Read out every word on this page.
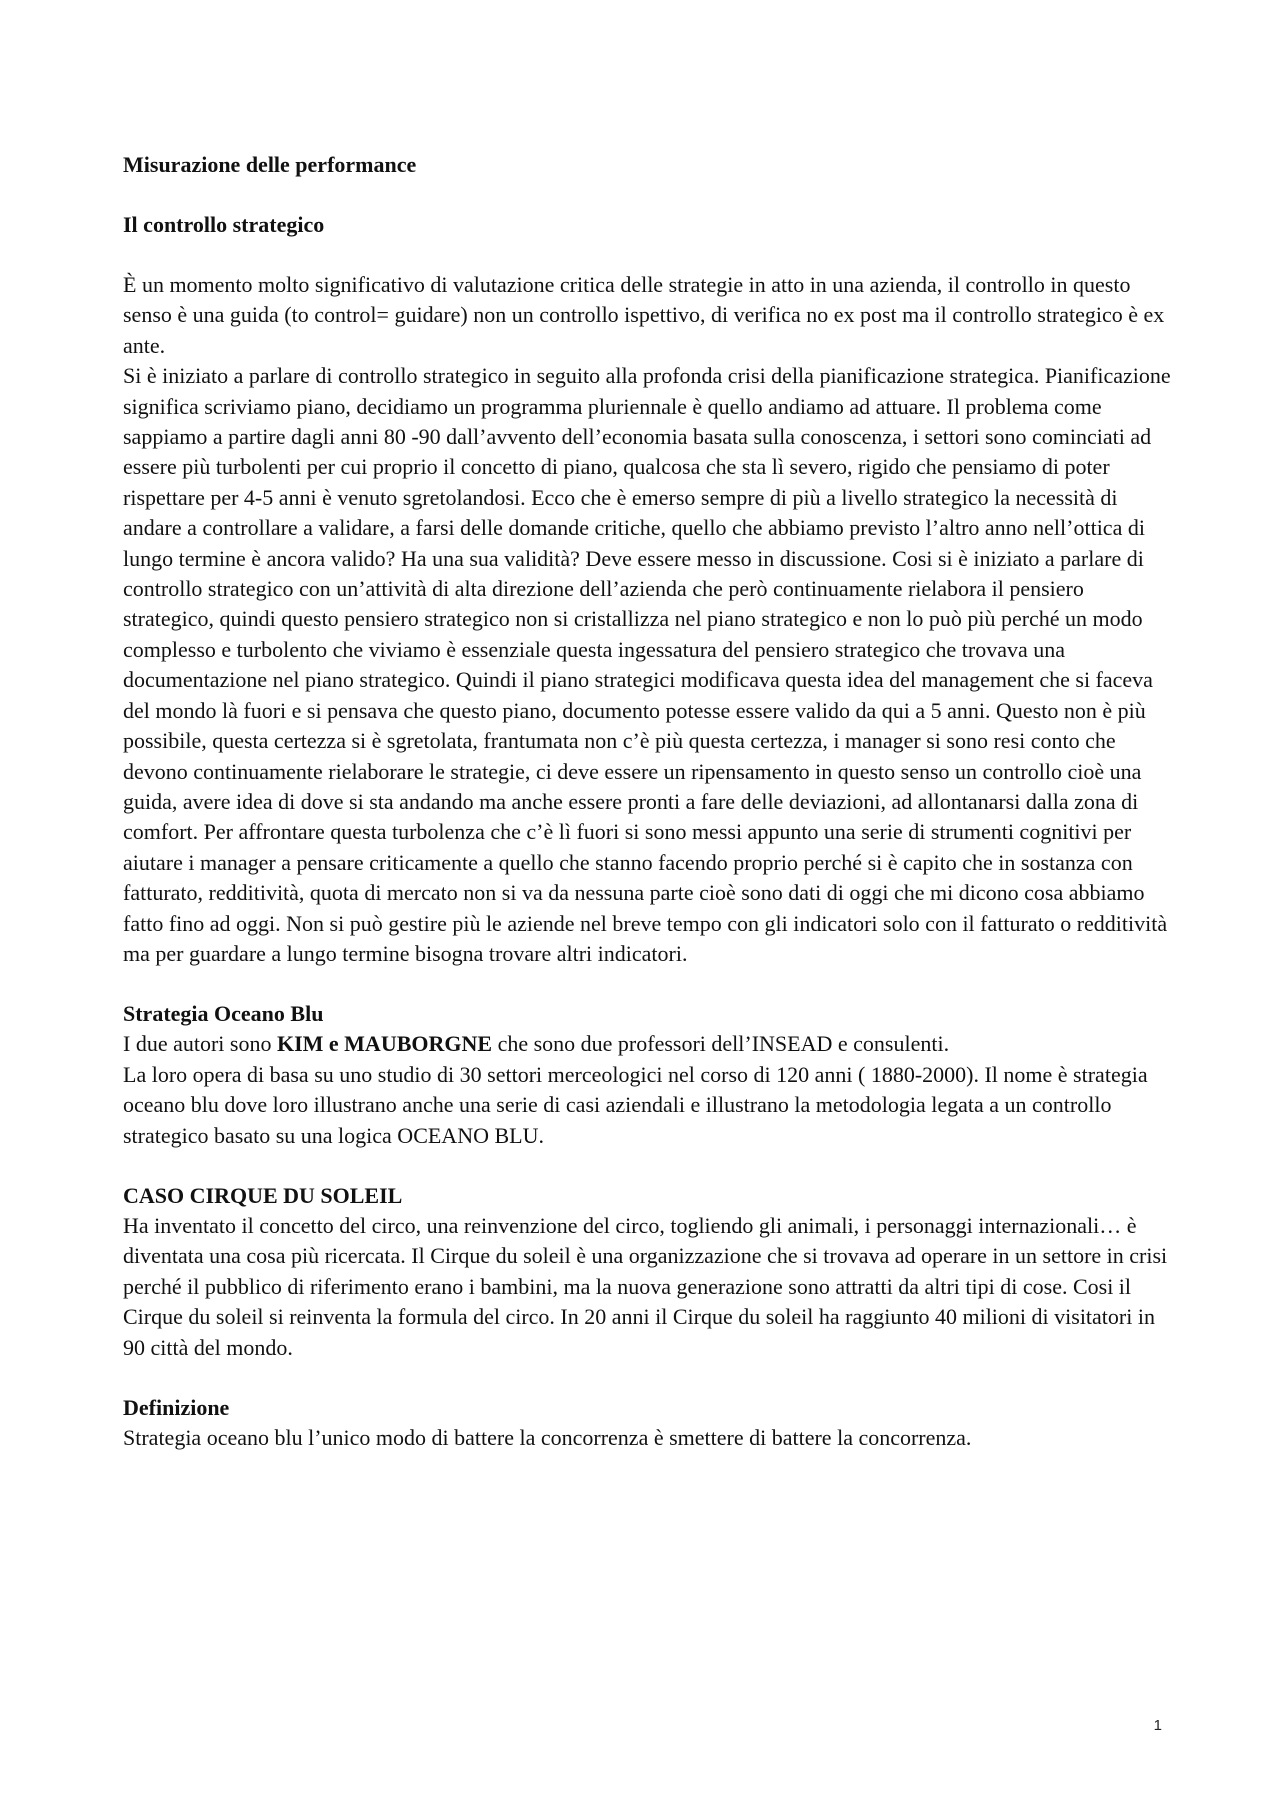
Misurazione delle performance
Il controllo strategico

È un momento molto significativo di valutazione critica delle strategie in atto in una azienda, il controllo in questo senso è una guida (to control= guidare) non un controllo ispettivo, di verifica no ex post ma il controllo strategico è ex ante.

Si è iniziato a parlare di controllo strategico in seguito alla profonda crisi della pianificazione strategica. Pianificazione significa scriviamo piano, decidiamo un programma pluriennale è quello andiamo ad attuare. Il problema come sappiamo a partire dagli anni 80 -90 dall’avvento dell’economia basata sulla conoscenza, i settori sono cominciati ad essere più turbolenti per cui proprio il concetto di piano, qualcosa che sta lì severo, rigido che pensiamo di poter rispettare per 4-5 anni è venuto sgretolandosi. Ecco che è emerso sempre di più a livello strategico la necessità di andare a controllare a validare, a farsi delle domande critiche, quello che abbiamo previsto l’altro anno nell’ottica di lungo termine è ancora valido? Ha una sua validità? Deve essere messo in discussione. Cosi si è iniziato a parlare di controllo strategico con un’attività di alta direzione dell’azienda che però continuamente rielabora il pensiero strategico, quindi questo pensiero strategico non si cristallizza nel piano strategico e non lo può più perché un modo complesso e turbolento che viviamo è essenziale questa ingessatura del pensiero strategico che trovava una documentazione nel piano strategico. Quindi il piano strategici modificava questa idea del management che si faceva del mondo là fuori e si pensava che questo piano, documento potesse essere valido da qui a 5 anni. Questo non è più possibile, questa certezza si è sgretolata, frantumata non c’è più questa certezza, i manager si sono resi conto che devono continuamente rielaborare le strategie, ci deve essere un ripensamento in questo senso un controllo cioè una guida, avere idea di dove si sta andando ma anche essere pronti a fare delle deviazioni, ad allontanarsi dalla zona di comfort. Per affrontare questa turbolenza che c’è lì fuori si sono messi appunto una serie di strumenti cognitivi per aiutare i manager a pensare criticamente a quello che stanno facendo proprio perché si è capito che in sostanza con fatturato, redditività, quota di mercato non si va da nessuna parte cioè sono dati di oggi che mi dicono cosa abbiamo fatto fino ad oggi. Non si può gestire più le aziende nel breve tempo con gli indicatori solo con il fatturato o redditività ma per guardare a lungo termine bisogna trovare altri indicatori.

Strategia Oceano Blu

I due autori sono KIM e MAUBORGNE che sono due professori dell’INSEAD e consulenti.

La loro opera di basa su uno studio di 30 settori merceologici nel corso di 120 anni ( 1880-2000). Il nome è strategia oceano blu dove loro illustrano anche una serie di casi aziendali e illustrano la metodologia legata a un controllo strategico basato su una logica OCEANO BLU.

CASO CIRQUE DU SOLEIL

Ha inventato il concetto del circo, una reinvenzione del circo, togliendo gli animali, i personaggi internazionali… è diventata una cosa più ricercata. Il Cirque du soleil è una organizzazione che si trovava ad operare in un settore in crisi perché il pubblico di riferimento erano i bambini, ma la nuova generazione sono attratti da altri tipi di cose. Cosi il Cirque du soleil si reinventa la formula del circo. In 20 anni il Cirque du soleil ha raggiunto 40 milioni di visitatori in 90 città del mondo.

Definizione

Strategia oceano blu l’unico modo di battere la concorrenza è smettere di battere la concorrenza.

1
